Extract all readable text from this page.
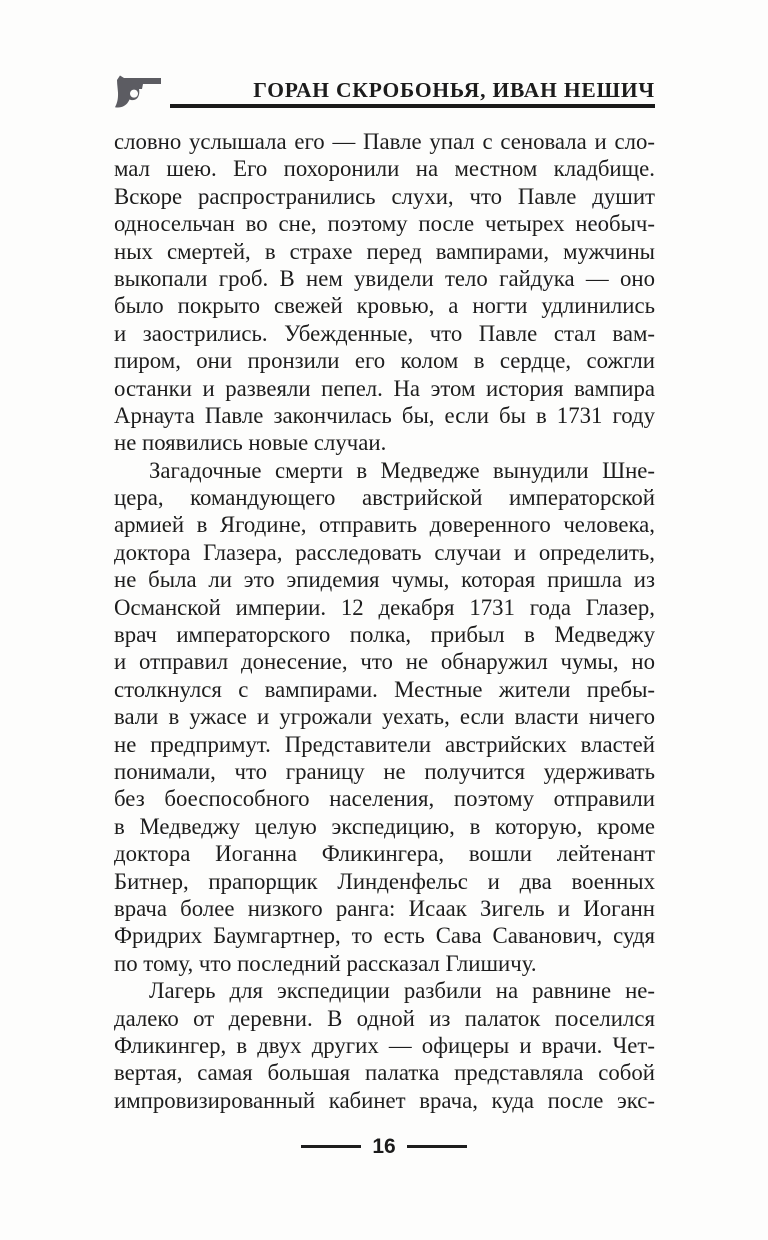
ГОРАН СКРОБОНЬЯ, ИВАН НЕШИЧ
словно услышала его — Павле упал с сеновала и сло-
мал шею. Его похоронили на местном кладбище.
Вскоре распространились слухи, что Павле душит
односельчан во сне, поэтому после четырех необыч-
ных смертей, в страхе перед вампирами, мужчины
выкопали гроб. В нем увидели тело гайдука — оно
было покрыто свежей кровью, а ногти удлинились
и заострились. Убежденные, что Павле стал вам-
пиром, они пронзили его колом в сердце, сожгли
останки и развеяли пепел. На этом история вампира
Арнаута Павле закончилась бы, если бы в 1731 году
не появились новые случаи.
Загадочные смерти в Медведже вынудили Шне-
цера, командующего австрийской императорской
армией в Ягодине, отправить доверенного человека,
доктора Глазера, расследовать случаи и определить,
не была ли это эпидемия чумы, которая пришла из
Османской империи. 12 декабря 1731 года Глазер,
врач императорского полка, прибыл в Медведжу
и отправил донесение, что не обнаружил чумы, но
столкнулся с вампирами. Местные жители пребы-
вали в ужасе и угрожали уехать, если власти ничего
не предпримут. Представители австрийских властей
понимали, что границу не получится удерживать
без боеспособного населения, поэтому отправили
в Медведжу целую экспедицию, в которую, кроме
доктора Иоганна Фликингера, вошли лейтенант
Битнер, прапорщик Линденфельс и два военных
врача более низкого ранга: Исаак Зигель и Иоганн
Фридрих Баумгартнер, то есть Сава Саванович, судя
по тому, что последний рассказал Глишичу.
Лагерь для экспедиции разбили на равнине не-
далеко от деревни. В одной из палаток поселился
Фликингер, в двух других — офицеры и врачи. Чет-
вертая, самая большая палатка представляла собой
импровизированный кабинет врача, куда после экс-
16
